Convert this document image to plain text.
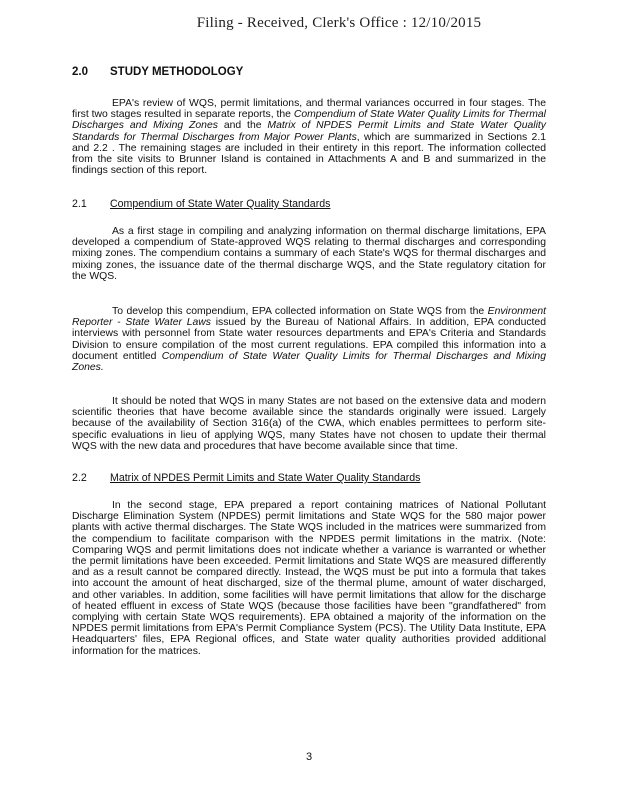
Filing - Received, Clerk's Office : 12/10/2015
2.0 STUDY METHODOLOGY

EPA's review of WQS, permit limitations, and thermal variances occurred in four stages. The first two stages resulted in separate reports, the Compendium of State Water Quality Limits for Thermal Discharges and Mixing Zones and the Matrix of NPDES Permit Limits and State Water Quality Standards for Thermal Discharges from Major Power Plants, which are summarized in Sections 2.1 and 2.2 . The remaining stages are included in their entirety in this report. The information collected from the site visits to Brunner Island is contained in Attachments A and B and summarized in the findings section of this report.

2.1 Compendium of State Water Quality Standards

As a first stage in compiling and analyzing information on thermal discharge limitations, EPA developed a compendium of State-approved WQS relating to thermal discharges and corresponding mixing zones. The compendium contains a summary of each State's WQS for thermal discharges and mixing zones, the issuance date of the thermal discharge WQS, and the State regulatory citation for the WQS.

To develop this compendium, EPA collected information on State WQS from the Environment Reporter - State Water Laws issued by the Bureau of National Affairs. In addition, EPA conducted interviews with personnel from State water resources departments and EPA's Criteria and Standards Division to ensure compilation of the most current regulations. EPA compiled this information into a document entitled Compendium of State Water Quality Limits for Thermal Discharges and Mixing Zones.

It should be noted that WQS in many States are not based on the extensive data and modern scientific theories that have become available since the standards originally were issued. Largely because of the availability of Section 316(a) of the CWA, which enables permittees to perform site-specific evaluations in lieu of applying WQS, many States have not chosen to update their thermal WQS with the new data and procedures that have become available since that time.

2.2 Matrix of NPDES Permit Limits and State Water Quality Standards

In the second stage, EPA prepared a report containing matrices of National Pollutant Discharge Elimination System (NPDES) permit limitations and State WQS for the 580 major power plants with active thermal discharges. The State WQS included in the matrices were summarized from the compendium to facilitate comparison with the NPDES permit limitations in the matrix. (Note: Comparing WQS and permit limitations does not indicate whether a variance is warranted or whether the permit limitations have been exceeded. Permit limitations and State WQS are measured differently and as a result cannot be compared directly. Instead, the WQS must be put into a formula that takes into account the amount of heat discharged, size of the thermal plume, amount of water discharged, and other variables. In addition, some facilities will have permit limitations that allow for the discharge of heated effluent in excess of State WQS (because those facilities have been "grandfathered" from complying with certain State WQS requirements). EPA obtained a majority of the information on the NPDES permit limitations from EPA's Permit Compliance System (PCS). The Utility Data Institute, EPA Headquarters' files, EPA Regional offices, and State water quality authorities provided additional information for the matrices.

3
